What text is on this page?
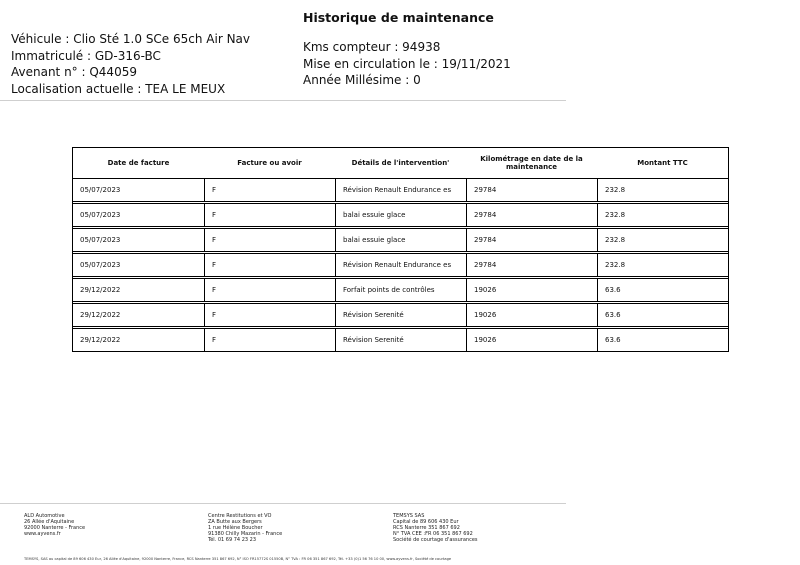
Historique de maintenance
Véhicule : Clio Sté 1.0 SCe 65ch Air Nav
Immatriculé : GD-316-BC
Avenant n° : Q44059
Localisation actuelle : TEA LE MEUX
Kms compteur : 94938
Mise en circulation le : 19/11/2021
Année Millésime : 0
Date de facture	Facture ou avoir	Détails de l'intervention'	Kilométrage en date de la maintenance	Montant TTC
05/07/2023	F	Révision Renault Endurance es	29784	232.8
05/07/2023	F	balai essuie glace	29784	232.8
05/07/2023	F	balai essuie glace	29784	232.8
05/07/2023	F	Révision Renault Endurance es	29784	232.8
29/12/2022	F	Forfait points de contrôles	19026	63.6
29/12/2022	F	Révision Serenité	19026	63.6
29/12/2022	F	Révision Serenité	19026	63.6
ALD Automotive
26 Allée d'Aquitaine
92000 Nanterre - France
www.ayvens.fr
Centre Restitutions et VO
ZA Butte aux Bergers
1 rue Hélène Boucher
91380 Chilly Mazarin - France
Tél. 01 69 74 23 23
TEMSYS SAS
Capital de 89 606 430 Eur
RCS Nanterre 351 867 692
N° TVA CEE :FR 06 351 867 692
Société de courtage d'assurances
TEMSYS, SAS au capital de 89 606 430 Eur, 26 Allée d'Aquitaine, 92000 Nanterre, France, RCS Nanterre 351 867 692, N° ISO FR15772S 01550B, N° TVA : FR 06 351 867 692, Tél. +33 (0)1 56 76 10 00, www.ayvens.fr, Société de courtage
